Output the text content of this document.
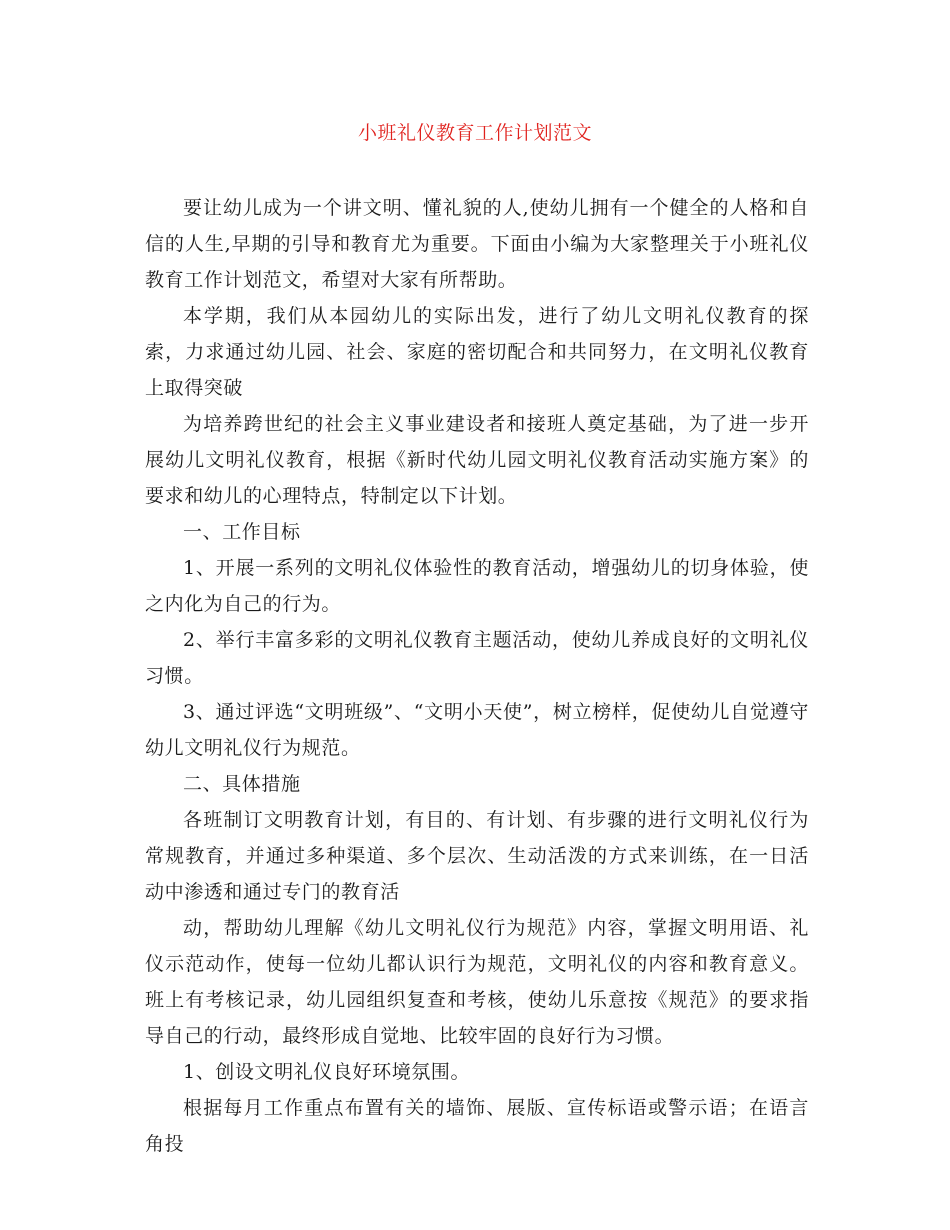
小班礼仪教育工作计划范文

要让幼儿成为一个讲文明、懂礼貌的人,使幼儿拥有一个健全的人格和自信的人生,早期的引导和教育尤为重要。下面由小编为大家整理关于小班礼仪教育工作计划范文，希望对大家有所帮助。

本学期，我们从本园幼儿的实际出发，进行了幼儿文明礼仪教育的探索，力求通过幼儿园、社会、家庭的密切配合和共同努力，在文明礼仪教育上取得突破

为培养跨世纪的社会主义事业建设者和接班人奠定基础，为了进一步开展幼儿文明礼仪教育，根据《新时代幼儿园文明礼仪教育活动实施方案》的要求和幼儿的心理特点，特制定以下计划。

一、工作目标

1、开展一系列的文明礼仪体验性的教育活动，增强幼儿的切身体验，使之内化为自己的行为。

2、举行丰富多彩的文明礼仪教育主题活动，使幼儿养成良好的文明礼仪习惯。

3、通过评选“文明班级”、“文明小天使”，树立榜样，促使幼儿自觉遵守幼儿文明礼仪行为规范。

二、具体措施

各班制订文明教育计划，有目的、有计划、有步骤的进行文明礼仪行为常规教育，并通过多种渠道、多个层次、生动活泼的方式来训练，在一日活动中渗透和通过专门的教育活

动，帮助幼儿理解《幼儿文明礼仪行为规范》内容，掌握文明用语、礼仪示范动作，使每一位幼儿都认识行为规范，文明礼仪的内容和教育意义。班上有考核记录，幼儿园组织复查和考核，使幼儿乐意按《规范》的要求指导自己的行动，最终形成自觉地、比较牢固的良好行为习惯。

1、创设文明礼仪良好环境氛围。

根据每月工作重点布置有关的墙饰、展版、宣传标语或警示语；在语言角投
